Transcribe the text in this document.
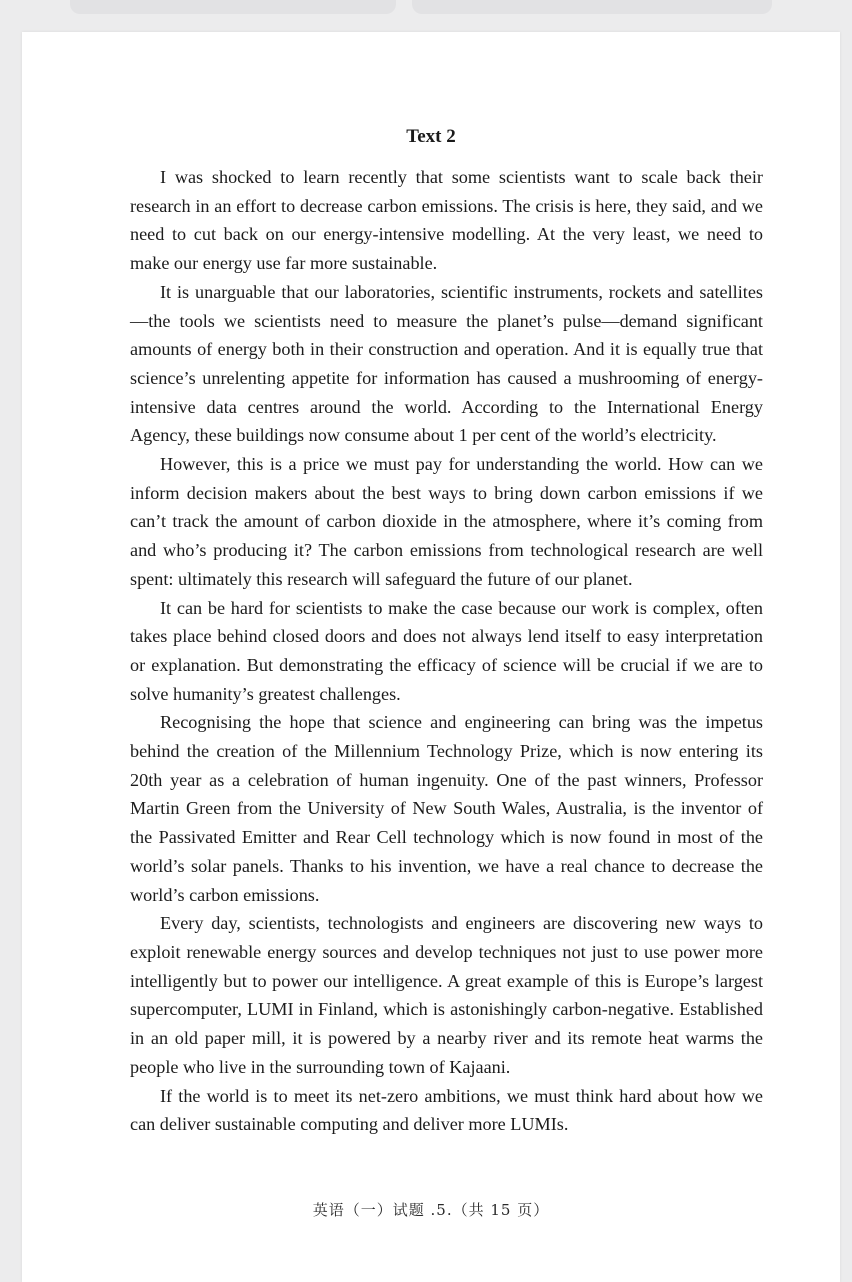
Text 2

I was shocked to learn recently that some scientists want to scale back their research in an effort to decrease carbon emissions. The crisis is here, they said, and we need to cut back on our energy-intensive modelling. At the very least, we need to make our energy use far more sustainable.

It is unarguable that our laboratories, scientific instruments, rockets and satellites—the tools we scientists need to measure the planet’s pulse—demand significant amounts of energy both in their construction and operation. And it is equally true that science’s unrelenting appetite for information has caused a mushrooming of energy-intensive data centres around the world. According to the International Energy Agency, these buildings now consume about 1 per cent of the world’s electricity.

However, this is a price we must pay for understanding the world. How can we inform decision makers about the best ways to bring down carbon emissions if we can’t track the amount of carbon dioxide in the atmosphere, where it’s coming from and who’s producing it? The carbon emissions from technological research are well spent: ultimately this research will safeguard the future of our planet.

It can be hard for scientists to make the case because our work is complex, often takes place behind closed doors and does not always lend itself to easy interpretation or explanation. But demonstrating the efficacy of science will be crucial if we are to solve humanity’s greatest challenges.

Recognising the hope that science and engineering can bring was the impetus behind the creation of the Millennium Technology Prize, which is now entering its 20th year as a celebration of human ingenuity. One of the past winners, Professor Martin Green from the University of New South Wales, Australia, is the inventor of the Passivated Emitter and Rear Cell technology which is now found in most of the world’s solar panels. Thanks to his invention, we have a real chance to decrease the world’s carbon emissions.

Every day, scientists, technologists and engineers are discovering new ways to exploit renewable energy sources and develop techniques not just to use power more intelligently but to power our intelligence. A great example of this is Europe’s largest supercomputer, LUMI in Finland, which is astonishingly carbon-negative. Established in an old paper mill, it is powered by a nearby river and its remote heat warms the people who live in the surrounding town of Kajaani.

If the world is to meet its net-zero ambitions, we must think hard about how we can deliver sustainable computing and deliver more LUMIs.

英语（一）试题 .5.（共 15 页）
